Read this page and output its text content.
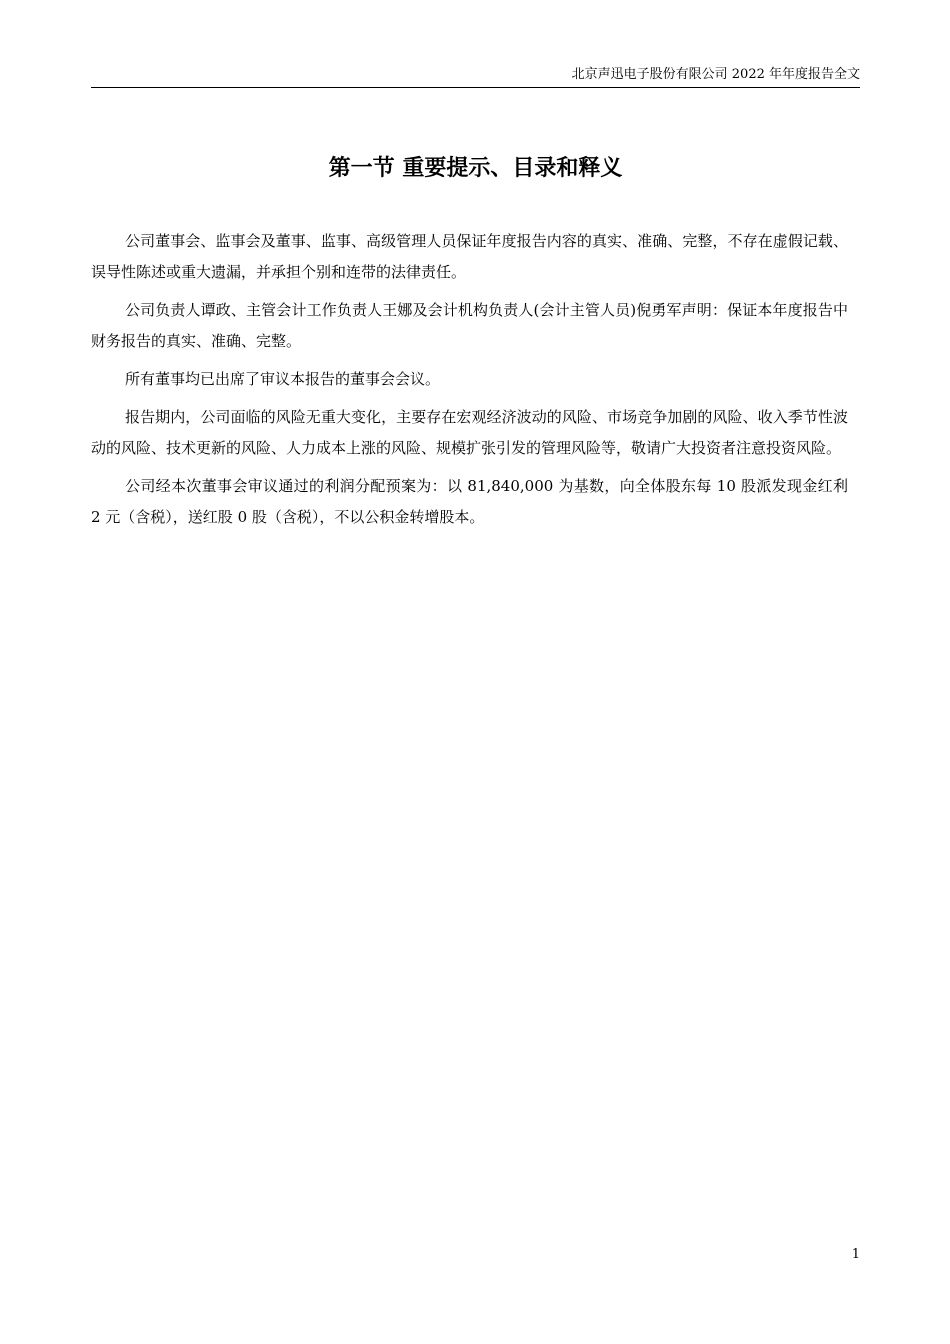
北京声迅电子股份有限公司 2022 年年度报告全文
第一节 重要提示、目录和释义

公司董事会、监事会及董事、监事、高级管理人员保证年度报告内容的真实、准确、完整，不存在虚假记载、误导性陈述或重大遗漏，并承担个别和连带的法律责任。

公司负责人谭政、主管会计工作负责人王娜及会计机构负责人(会计主管人员)倪勇军声明：保证本年度报告中财务报告的真实、准确、完整。

所有董事均已出席了审议本报告的董事会会议。

报告期内，公司面临的风险无重大变化，主要存在宏观经济波动的风险、市场竞争加剧的风险、收入季节性波动的风险、技术更新的风险、人力成本上涨的风险、规模扩张引发的管理风险等，敬请广大投资者注意投资风险。

公司经本次董事会审议通过的利润分配预案为：以 81,840,000 为基数，向全体股东每 10 股派发现金红利 2 元（含税），送红股 0 股（含税），不以公积金转增股本。

1
